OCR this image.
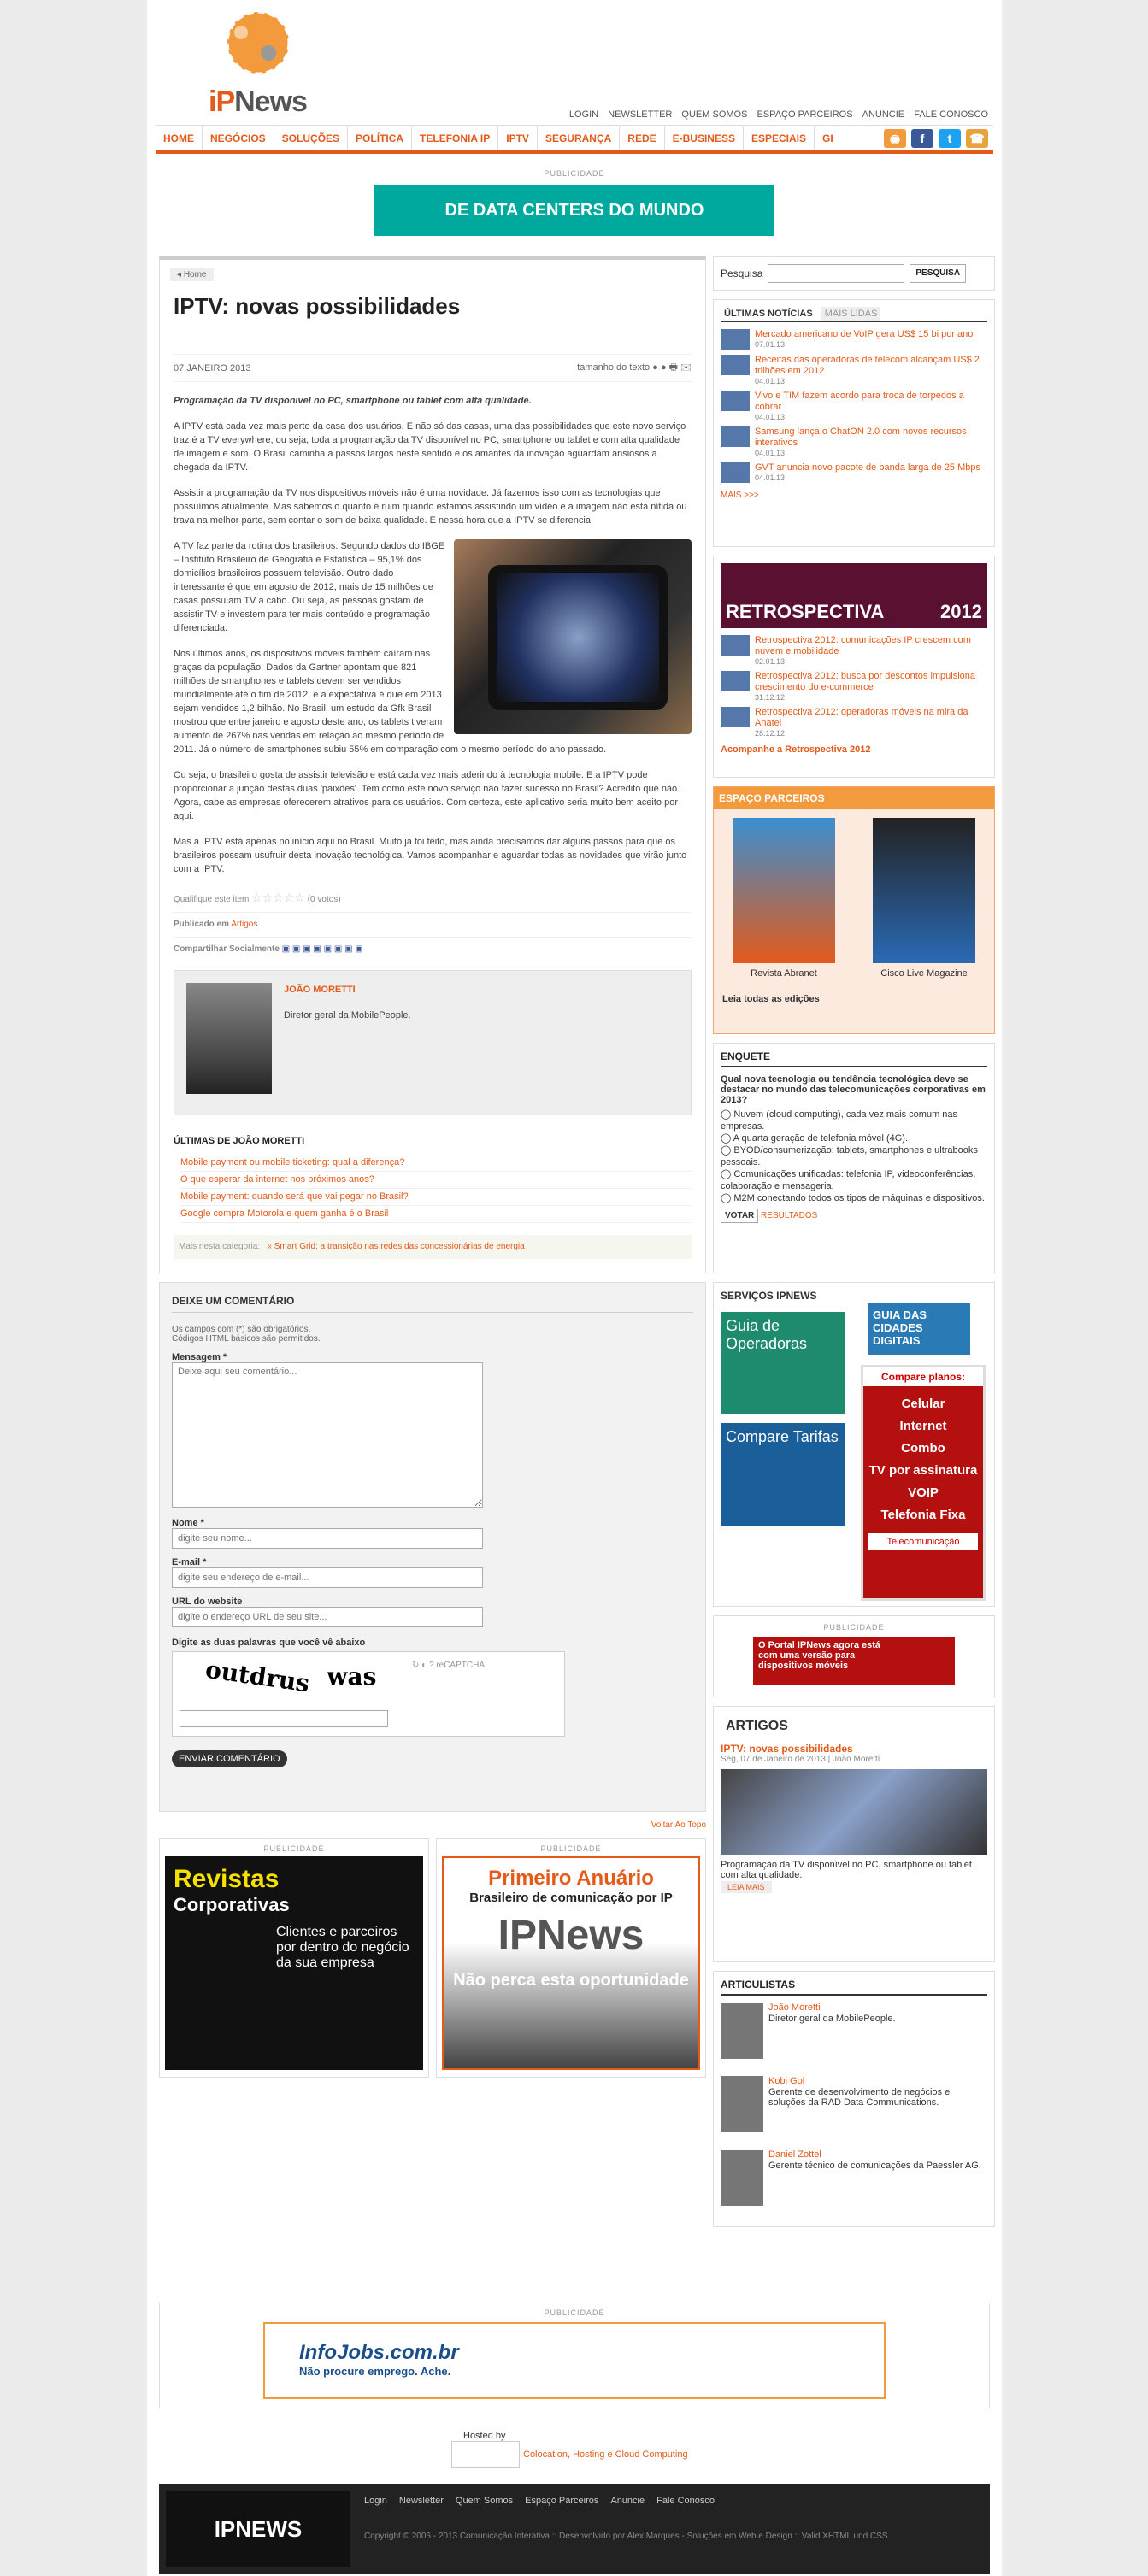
iPNews	LOGIN NEWSLETTER QUEM SOMOS ESPAÇO PARCEIROS ANUNCIE FALE CONOSCO
HOME	NEGÓCIOS	SOLUÇÕES	POLÍTICA	TELEFONIA IP	IPTV	SEGURANÇA	REDE	E-BUSINESS	ESPECIAIS	GI	◉	f	t	☎
PUBLICIDADE
DE DATA CENTERS DO MUNDO
◂ Home
IPTV: novas possibilidades
07 JANEIRO 2013	tamanho do texto ● ● 🖶 ✉

Programação da TV disponível no PC, smartphone ou tablet com alta qualidade.

A IPTV está cada vez mais perto da casa dos usuários. E não só das casas, uma das possibilidades que este novo serviço traz é a TV everywhere, ou seja, toda a programação da TV disponível no PC, smartphone ou tablet e com alta qualidade de imagem e som. O Brasil caminha a passos largos neste sentido e os amantes da inovação aguardam ansiosos a chegada da IPTV.

Assistir a programação da TV nos dispositivos móveis não é uma novidade. Já fazemos isso com as tecnologias que possuímos atualmente. Mas sabemos o quanto é ruim quando estamos assistindo um vídeo e a imagem não está nítida ou trava na melhor parte, sem contar o som de baixa qualidade. É nessa hora que a IPTV se diferencia.

A TV faz parte da rotina dos brasileiros. Segundo dados do IBGE – Instituto Brasileiro de Geografia e Estatística – 95,1% dos domicílios brasileiros possuem televisão. Outro dado interessante é que em agosto de 2012, mais de 15 milhões de casas possuíam TV a cabo. Ou seja, as pessoas gostam de assistir TV e investem para ter mais conteúdo e programação diferenciada.

Nos últimos anos, os dispositivos móveis também caíram nas graças da população. Dados da Gartner apontam que 821 milhões de smartphones e tablets devem ser vendidos mundialmente até o fim de 2012, e a expectativa é que em 2013 sejam vendidos 1,2 bilhão. No Brasil, um estudo da Gfk Brasil mostrou que entre janeiro e agosto deste ano, os tablets tiveram aumento de 267% nas vendas em relação ao mesmo período de 2011. Já o número de smartphones subiu 55% em comparação com o mesmo período do ano passado.

Ou seja, o brasileiro gosta de assistir televisão e está cada vez mais aderindo à tecnologia mobile. E a IPTV pode proporcionar a junção destas duas 'paixões'. Tem como este novo serviço não fazer sucesso no Brasil? Acredito que não. Agora, cabe as empresas oferecerem atrativos para os usuários. Com certeza, este aplicativo seria muito bem aceito por aqui.

Mas a IPTV está apenas no início aqui no Brasil. Muito já foi feito, mas ainda precisamos dar alguns passos para que os brasileiros possam usufruir desta inovação tecnológica. Vamos acompanhar e aguardar todas as novidades que virão junto com a IPTV.

Qualifique este item ☆☆☆☆☆ (0 votos)
Publicado em Artigos
Compartilhar Socialmente ▣ ▣ ▣ ▣ ▣ ▣ ▣ ▣
JOÃO MORETTI
Diretor geral da MobilePeople.
ÚLTIMAS DE JOÃO MORETTI
Mobile payment ou mobile ticketing: qual a diferença?
O que esperar da internet nos próximos anos?
Mobile payment: quando será que vai pegar no Brasil?
Google compra Motorola e quem ganha é o Brasil
Mais nesta categoria: « Smart Grid: a transição nas redes das concessionárias de energia
DEIXE UM COMENTÁRIO
Os campos com (*) são obrigatórios.
Códigos HTML básicos são permitidos.
Mensagem *
Deixe aqui seu comentário...
Nome *
digite seu nome...
E-mail *
digite seu endereço de e-mail...
URL do website
digite o endereço URL de seu site...
Digite as duas palavras que você vê abaixo
outdrus was	↻ ◐ ? reCAPTCHA
ENVIAR COMENTÁRIO
Voltar Ao Topo
PUBLICIDADE
Revistas
Corporativas
Clientes e parceiros por dentro do negócio da sua empresa
PUBLICIDADE
Primeiro Anuário
Brasileiro de comunicação por IP
IPNews
Não perca esta oportunidade
Pesquisa	PESQUISA
ÚLTIMAS NOTÍCIAS	MAIS LIDAS
Mercado americano de VoIP gera US$ 15 bi por ano
07.01.13
Receitas das operadoras de telecom alcançam US$ 2 trilhões em 2012
04.01.13
Vivo e TIM fazem acordo para troca de torpedos a cobrar
04.01.13
Samsung lança o ChatON 2.0 com novos recursos interativos
04.01.13
GVT anuncia novo pacote de banda larga de 25 Mbps
04.01.13
MAIS >>>
RETROSPECTIVA	2012
Retrospectiva 2012: comunicações IP crescem com nuvem e mobilidade
02.01.13
Retrospectiva 2012: busca por descontos impulsiona crescimento do e-commerce
31.12.12
Retrospectiva 2012: operadoras móveis na mira da Anatel
28.12.12
Acompanhe a Retrospectiva 2012
ESPAÇO PARCEIROS
Revista Abranet	Cisco Live Magazine
Leia todas as edições
ENQUETE
Qual nova tecnologia ou tendência tecnológica deve se destacar no mundo das telecomunicações corporativas em 2013?
◯ Nuvem (cloud computing), cada vez mais comum nas empresas.
◯ A quarta geração de telefonia móvel (4G).
◯ BYOD/consumerização: tablets, smartphones e ultrabooks pessoais.
◯ Comunicações unificadas: telefonia IP, videoconferências, colaboração e mensageria.
◯ M2M conectando todos os tipos de máquinas e dispositivos.
VOTAR RESULTADOS
SERVIÇOS IPNEWS
Guia de Operadoras
Compare Tarifas
GUIA DAS CIDADES DIGITAIS
Compare planos:
Celular
Internet
Combo
TV por assinatura
VOIP
Telefonia Fixa
Telecomunicação
PUBLICIDADE
O Portal IPNews agora está com uma versão para dispositivos móveis
ARTIGOS
IPTV: novas possibilidades
Seg, 07 de Janeiro de 2013 | João Moretti
Programação da TV disponível no PC, smartphone ou tablet com alta qualidade.
LEIA MAIS
ARTICULISTAS
João Moretti
Diretor geral da MobilePeople.
Kobi Gol
Gerente de desenvolvimento de negócios e soluções da RAD Data Communications.
Daniel Zottel
Gerente técnico de comunicações da Paessler AG.
PUBLICIDADE
InfoJobs.com.br
Não procure emprego. Ache.
Hosted by
Colocation, Hosting e Cloud Computing
IPNEWS
Login Newsletter Quem Somos Espaço Parceiros Anuncie Fale Conosco
Copyright © 2006 - 2013 Comunicação Interativa :: Desenvolvido por Alex Marques - Soluções em Web e Design :: Valid XHTML und CSS
